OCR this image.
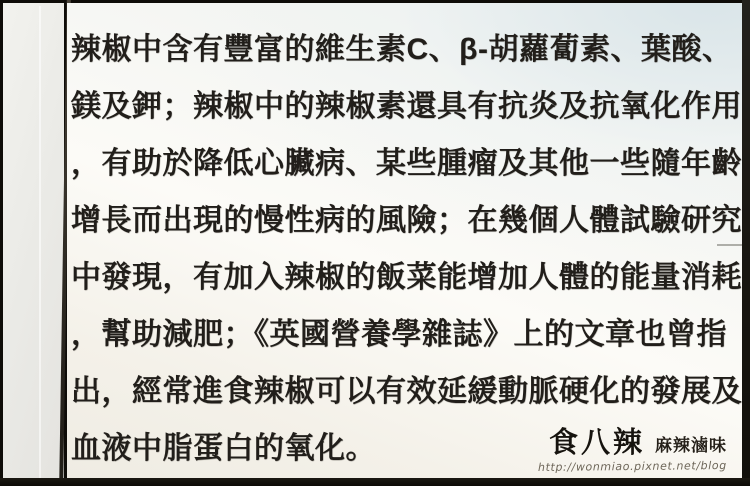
辣椒中含有豐富的維生素C、β-胡蘿蔔素、葉酸、
鎂及鉀；辣椒中的辣椒素還具有抗炎及抗氧化作用
，有助於降低心臟病、某些腫瘤及其他一些隨年齡
增長而出現的慢性病的風險；在幾個人體試驗研究
中發現，有加入辣椒的飯菜能增加人體的能量消耗
，幫助減肥；《英國營養學雜誌》上的文章也曾指
出，經常進食辣椒可以有效延緩動脈硬化的發展及
血液中脂蛋白的氧化。	食八辣 麻辣滷味
http://wonmiao.pixnet.net/blog
